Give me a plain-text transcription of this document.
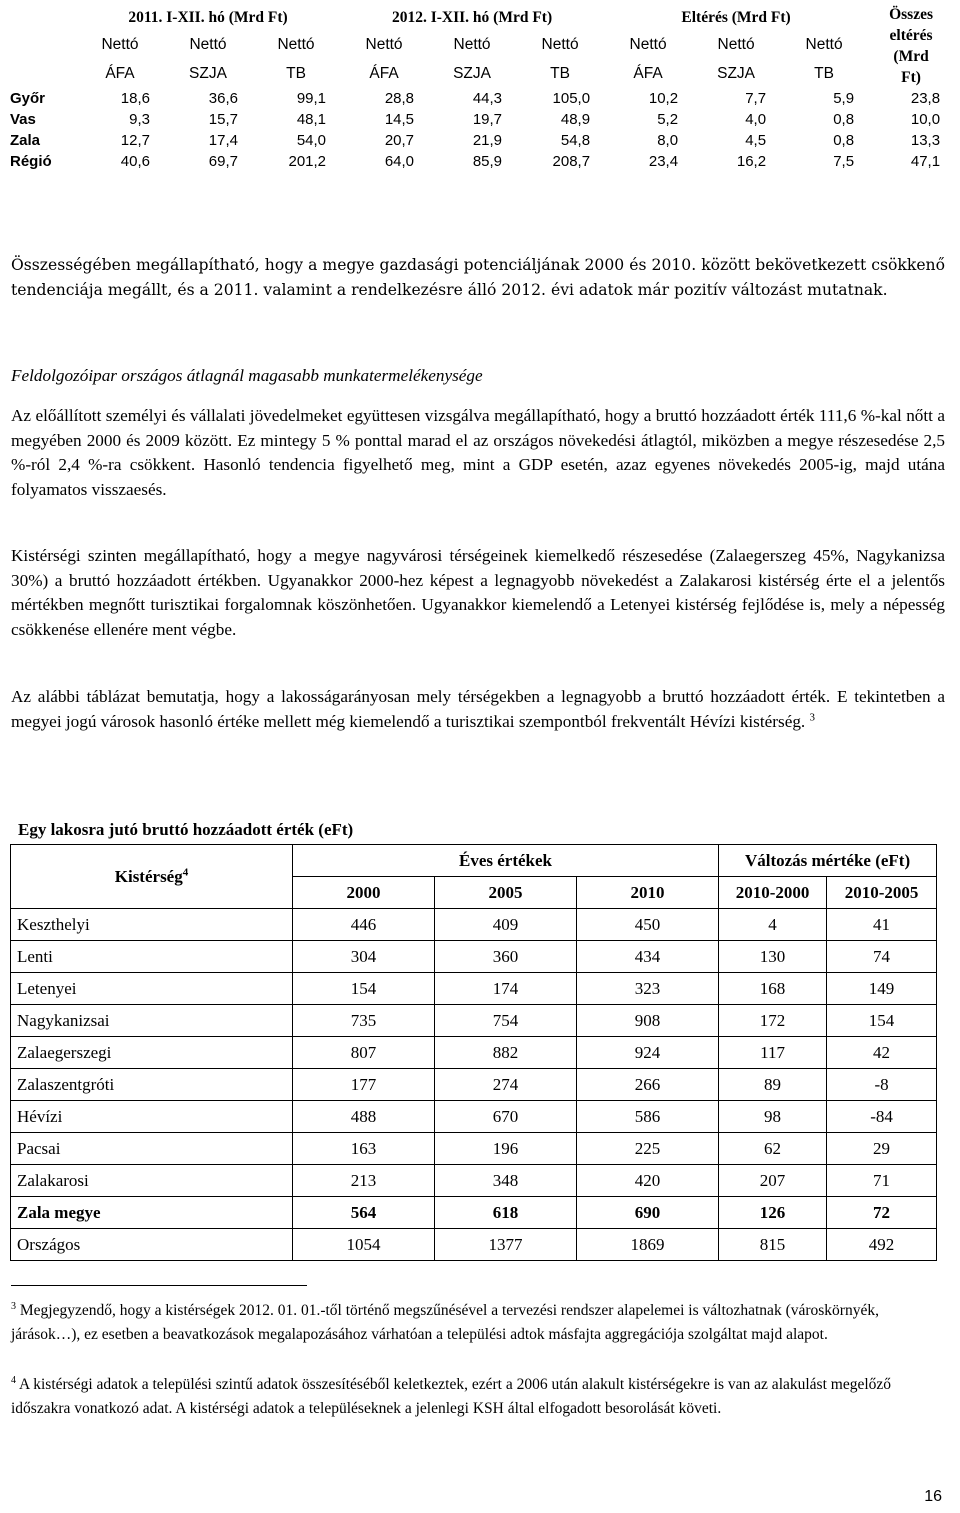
	2011. I-XII. hó (Mrd Ft)			2012. I-XII. hó (Mrd Ft)			Eltérés (Mrd Ft)			Összes
eltérés
(Mrd
Ft)
	Nettó	Nettó	Nettó	Nettó	Nettó	Nettó	Nettó	Nettó	Nettó	
	ÁFA	SZJA	TB	ÁFA	SZJA	TB	ÁFA	SZJA	TB	
Győr	18,6	36,6	99,1	28,8	44,3	105,0	10,2	7,7	5,9	23,8
Vas	9,3	15,7	48,1	14,5	19,7	48,9	5,2	4,0	0,8	10,0
Zala	12,7	17,4	54,0	20,7	21,9	54,8	8,0	4,5	0,8	13,3
Régió	40,6	69,7	201,2	64,0	85,9	208,7	23,4	16,2	7,5	47,1

Összességében megállapítható, hogy a megye gazdasági potenciáljának 2000 és 2010. között bekövetkezett csökkenő tendenciája megállt, és a 2011. valamint a rendelkezésre álló 2012. évi adatok már pozitív változást mutatnak.

Feldolgozóipar országos átlagnál magasabb munkatermelékenysége

Az előállított személyi és vállalati jövedelmeket együttesen vizsgálva megállapítható, hogy a bruttó hozzáadott érték 111,6 %-kal nőtt a megyében 2000 és 2009 között. Ez mintegy 5 % ponttal marad el az országos növekedési átlagtól, miközben a megye részesedése 2,5 %-ról 2,4 %-ra csökkent. Hasonló tendencia figyelhető meg, mint a GDP esetén, azaz egyenes növekedés 2005-ig, majd utána folyamatos visszaesés.

Kistérségi szinten megállapítható, hogy a megye nagyvárosi térségeinek kiemelkedő részesedése (Zalaegerszeg 45%, Nagykanizsa 30%) a bruttó hozzáadott értékben. Ugyanakkor 2000-hez képest a legnagyobb növekedést a Zalakarosi kistérség érte el a jelentős mértékben megnőtt turisztikai forgalomnak köszönhetően. Ugyanakkor kiemelendő a Letenyei kistérség fejlődése is, mely a népesség csökkenése ellenére ment végbe.

Az alábbi táblázat bemutatja, hogy a lakosságarányosan mely térségekben a legnagyobb a bruttó hozzáadott érték. E tekintetben a megyei jogú városok hasonló értéke mellett még kiemelendő a turisztikai szempontból frekventált Hévízi kistérség. $^3$

Egy lakosra jutó bruttó hozzáadott érték (eFt)

Kistérség$^4$	Éves értékek			Változás mértéke (eFt)	
	2000	2005	2010	2010-2000	2010-2005
Keszthelyi	446	409	450	4	41
Lenti	304	360	434	130	74
Letenyei	154	174	323	168	149
Nagykanizsai	735	754	908	172	154
Zalaegerszegi	807	882	924	117	42
Zalaszentgróti	177	274	266	89	-8
Hévízi	488	670	586	98	-84
Pacsai	163	196	225	62	29
Zalakarosi	213	348	420	207	71
Zala megye	564	618	690	126	72
Országos	1054	1377	1869	815	492

$^3$ Megjegyzendő, hogy a kistérségek 2012. 01. 01.-től történő megszűnésével a tervezési rendszer alapelemei is változhatnak (városkörnyék, járások…), ez esetben a beavatkozások megalapozásához várhatóan a települési adtok másfajta aggregációja szolgáltat majd alapot.

$^4$ A kistérségi adatok a települési szintű adatok összesítéséből keletkeztek, ezért a 2006 után alakult kistérségekre is van az alakulást megelőző időszakra vonatkozó adat. A kistérségi adatok a településeknek a jelenlegi KSH által elfogadott besorolását követi.

16
